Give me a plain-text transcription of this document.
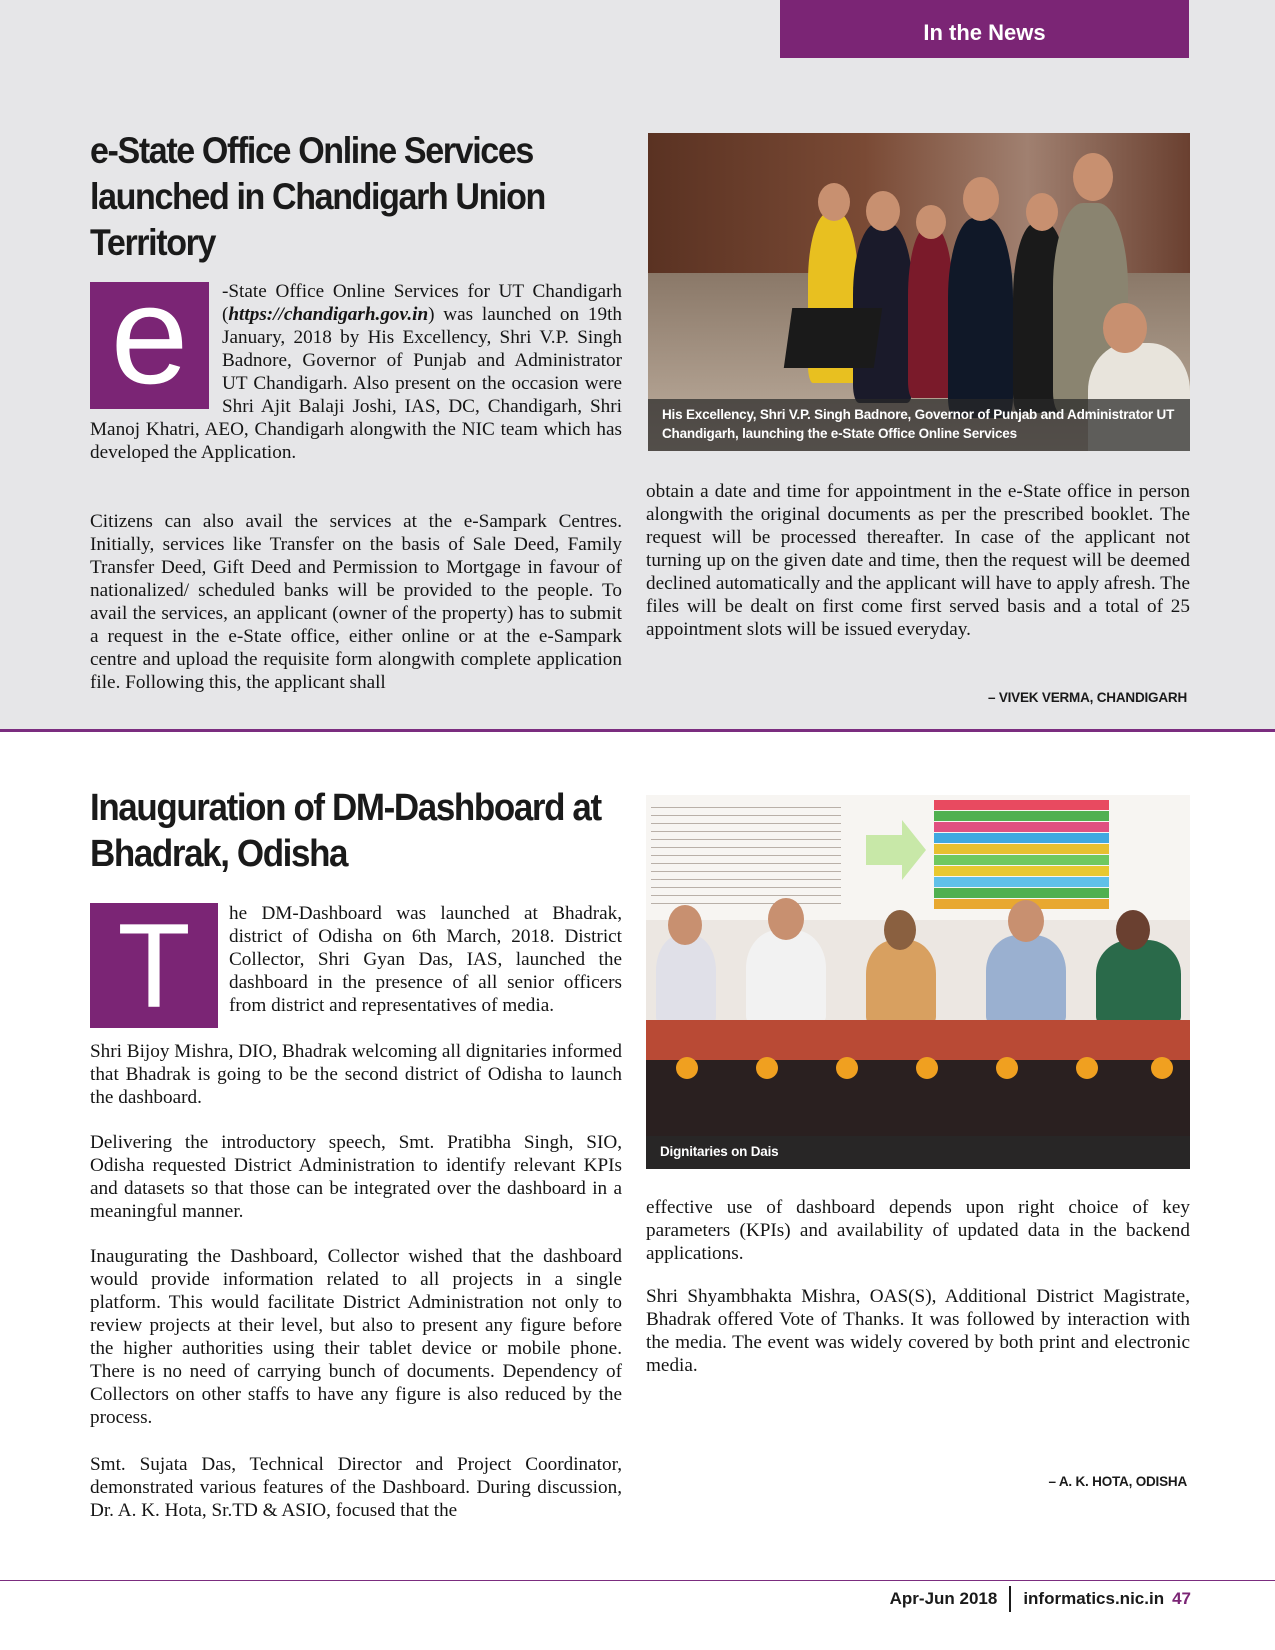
In the News
e-State Office Online Services launched in Chandigarh Union Territory
e	-State Office Online Services for UT Chandigarh (https://chandigarh.gov.in) was launched on 19th January, 2018 by His Excellency, Shri V.P. Singh Badnore, Governor of Punjab and Administrator UT Chandigarh. Also present on the occasion were Shri Ajit Balaji Joshi, IAS, DC, Chandigarh, Shri Manoj Khatri, AEO, Chandigarh alongwith the NIC team which has developed the Application.

Citizens can also avail the services at the e-Sampark Centres. Initially, services like Transfer on the basis of Sale Deed, Family Transfer Deed, Gift Deed and Permission to Mortgage in favour of nationalized/ scheduled banks will be provided to the people. To avail the services, an applicant (owner of the property) has to submit a request in the e-State office, either online or at the e-Sampark centre and upload the requisite form alongwith complete application file. Following this, the applicant shall
His Excellency, Shri V.P. Singh Badnore, Governor of Punjab and Administrator UT Chandigarh, launching the e-State Office Online Services
obtain a date and time for appointment in the e-State office in person alongwith the original documents as per the prescribed booklet. The request will be processed thereafter. In case of the applicant not turning up on the given date and time, then the request will be deemed declined automatically and the applicant will have to apply afresh. The files will be dealt on first come first served basis and a total of 25 appointment slots will be issued everyday.
– VIVEK VERMA, CHANDIGARH
Inauguration of DM-Dashboard at Bhadrak, Odisha
T	he DM-Dashboard was launched at Bhadrak, district of Odisha on 6th March, 2018. District Collector, Shri Gyan Das, IAS, launched the dashboard in the presence of all senior officers from district and representatives of media.
Shri Bijoy Mishra, DIO, Bhadrak welcoming all dignitaries informed that Bhadrak is going to be the second district of Odisha to launch the dashboard.
Delivering the introductory speech, Smt. Pratibha Singh, SIO, Odisha requested District Administration to identify relevant KPIs and datasets so that those can be integrated over the dashboard in a meaningful manner.
Inaugurating the Dashboard, Collector wished that the dashboard would provide information related to all projects in a single platform. This would facilitate District Administration not only to review projects at their level, but also to present any figure before the higher authorities using their tablet device or mobile phone. There is no need of carrying bunch of documents. Dependency of Collectors on other staffs to have any figure is also reduced by the process.
Smt. Sujata Das, Technical Director and Project Coordinator, demonstrated various features of the Dashboard. During discussion, Dr. A. K. Hota, Sr.TD & ASIO, focused that the
Dignitaries on Dais
effective use of dashboard depends upon right choice of key parameters (KPIs) and availability of updated data in the backend applications.
Shri Shyambhakta Mishra, OAS(S), Additional District Magistrate, Bhadrak offered Vote of Thanks. It was followed by interaction with the media. The event was widely covered by both print and electronic media.
– A. K. HOTA, ODISHA
Apr-Jun 2018 informatics.nic.in 47
